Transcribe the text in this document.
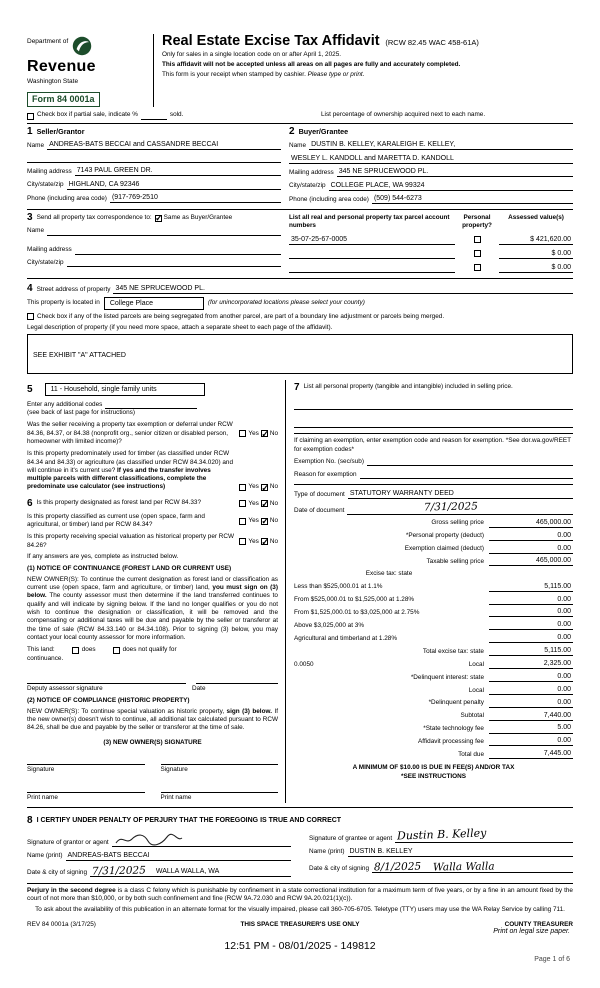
Department of
Revenue
Washington State
Form 84 0001a
Real Estate Excise Tax Affidavit (RCW 82.45 WAC 458-61A)
Only for sales in a single location code on or after April 1, 2025.
This affidavit will not be accepted unless all areas on all pages are fully and accurately completed.
This form is your receipt when stamped by cashier. Please type or print.
Check box if partial sale, indicate %	sold.	List percentage of ownership acquired next to each name.
1 Seller/Grantor
Name ANDREAS-BATS BECCAI and CASSANDRE BECCAI
Mailing address 7143 PAUL GREEN DR.
City/state/zip HIGHLAND, CA 92346
Phone (including area code) (917-769-2510
2 Buyer/Grantee
Name DUSTIN B. KELLEY, KARALEIGH E. KELLEY,
WESLEY L. KANDOLL and MARETTA D. KANDOLL
Mailing address 345 NE SPRUCEWOOD PL.
City/state/zip COLLEGE PLACE, WA 99324
Phone (including area code) (509) 544-6273
3 Send all property tax correspondence to: ✓ Same as Buyer/Grantee
Name
Mailing address
City/state/zip
List all real and personal property tax parcel account numbers
Personal property?
Assessed value(s)
35-07-25-67-0005	$ 421,620.00
$ 0.00
$ 0.00
4 Street address of property 345 NE SPRUCEWOOD PL.
This property is located in	College Place	(for unincorporated locations please select your county)
Check box if any of the listed parcels are being segregated from another parcel, are part of a boundary line adjustment or parcels being merged.
Legal description of property (if you need more space, attach a separate sheet to each page of the affidavit).
SEE EXHIBIT "A" ATTACHED
5	11 - Household, single family units
Enter any additional codes
(see back of last page for instructions)
Was the seller receiving a property tax exemption or deferral under RCW 84.36, 84.37, or 84.38 (nonprofit org., senior citizen or disabled person, homeowner with limited income)?
Yes ✓ No
Is this property predominately used for timber (as classified under RCW 84.34 and 84.33) or agriculture (as classified under RCW 84.34.020) and will continue in it's current use? If yes and the transfer involves multiple parcels with different classifications, complete the predominate use calculator (see instructions)	Yes ✓ No
6 Is this property designated as forest land per RCW 84.33?	Yes ✓ No
Is this property classified as current use (open space, farm and agricultural, or timber) land per RCW 84.34?
Yes ✓ No
Is this property receiving special valuation as historical property per RCW 84.26?
Yes ✓ No
If any answers are yes, complete as instructed below.
(1) NOTICE OF CONTINUANCE (FOREST LAND OR CURRENT USE)
NEW OWNER(S): To continue the current designation as forest land or classification as current use (open space, farm and agriculture, or timber) land, you must sign on (3) below. The county assessor must then determine if the land transferred continues to qualify and will indicate by signing below. If the land no longer qualifies or you do not wish to continue the designation or classification, it will be removed and the compensating or additional taxes will be due and payable by the seller or transferor at the time of sale (RCW 84.33.140 or 84.34.108). Prior to signing (3) below, you may contact your local county assessor for more information.
This land:	does	does not qualify for
continuance.
Deputy assessor signature	Date
(2) NOTICE OF COMPLIANCE (HISTORIC PROPERTY)
NEW OWNER(S): To continue special valuation as historic property, sign (3) below. If the new owner(s) doesn't wish to continue, all additional tax calculated pursuant to RCW 84.26, shall be due and payable by the seller or transferor at the time of sale.
(3) NEW OWNER(S) SIGNATURE
Signature	Signature
Print name	Print name
7 List all personal property (tangible and intangible) included in selling price.
If claiming an exemption, enter exemption code and reason for exemption. *See dor.wa.gov/REET for exemption codes*
Exemption No. (sec/sub)
Reason for exemption
Type of document STATUTORY WARRANTY DEED
Date of document	7/31/2025
Gross selling price	465,000.00
*Personal property (deduct)	0.00
Exemption claimed (deduct)	0.00
Taxable selling price	465,000.00
Excise tax: state
Less than $525,000.01 at 1.1%	5,115.00
From $525,000.01 to $1,525,000 at 1.28%	0.00
From $1,525,000.01 to $3,025,000 at 2.75%	0.00
Above $3,025,000 at 3%	0.00
Agricultural and timberland at 1.28%	0.00
Total excise tax: state	5,115.00
0.0050	Local	2,325.00
*Delinquent interest: state	0.00
Local	0.00
*Delinquent penalty	0.00
Subtotal	7,440.00
*State technology fee	5.00
Affidavit processing fee	0.00
Total due	7,445.00
A MINIMUM OF $10.00 IS DUE IN FEE(S) AND/OR TAX
*SEE INSTRUCTIONS
8 I CERTIFY UNDER PENALTY OF PERJURY THAT THE FOREGOING IS TRUE AND CORRECT
Signature of grantor or agent
Name (print) ANDREAS-BATS BECCAI
Date & city of signing 7/31/2025 WALLA WALLA, WA
Signature of grantee or agent Dustin B. Kelley
Name (print) DUSTIN B. KELLEY
Date & city of signing 8/1/2025 Walla Walla
Perjury in the second degree is a class C felony which is punishable by confinement in a state correctional institution for a maximum term of five years, or by a fine in an amount fixed by the court of not more than $10,000, or by both such confinement and fine (RCW 9A.72.030 and RCW 9A.20.021(1)(c)).
To ask about the availability of this publication in an alternate format for the visually impaired, please call 360-705-6705. Teletype (TTY) users may use the WA Relay Service by calling 711.
REV 84 0001a (3/17/25)	THIS SPACE TREASURER'S USE ONLY	COUNTY TREASURER
Print on legal size paper.
12:51 PM - 08/01/2025 - 149812
Page 1 of 6
